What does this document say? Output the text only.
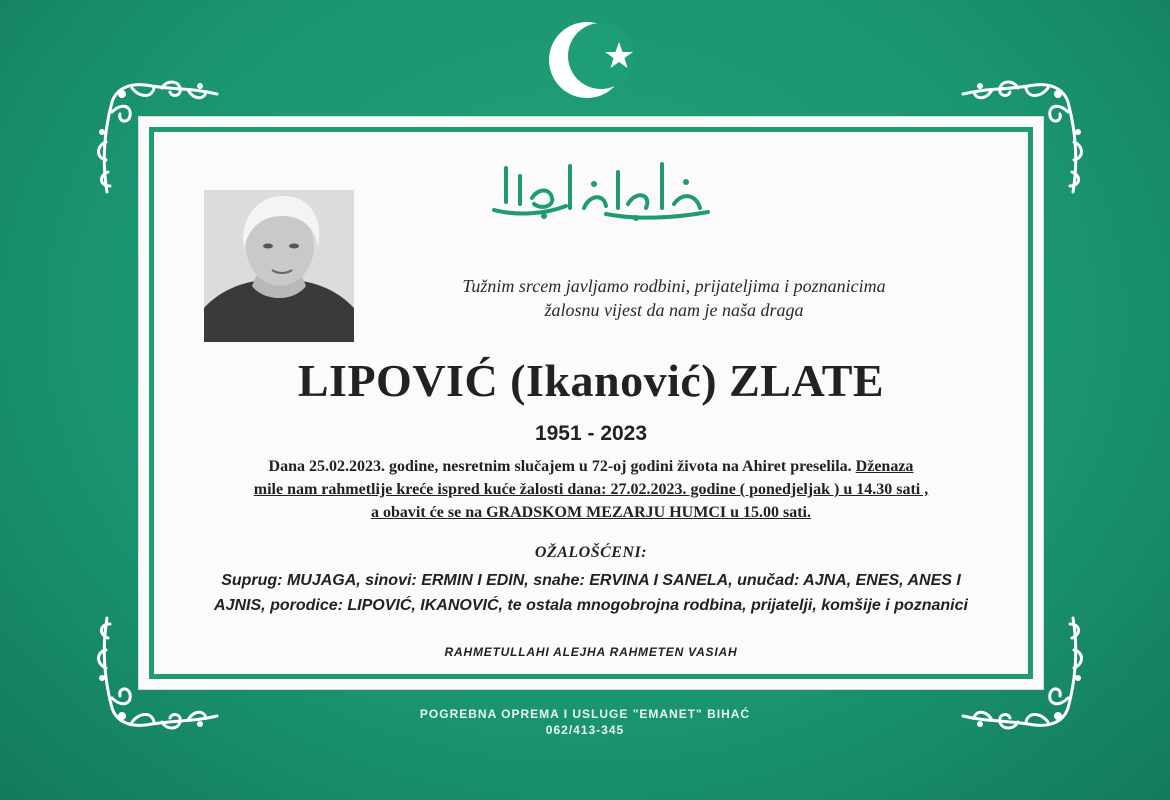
Tužnim srcem javljamo rodbini, prijateljima i poznanicima
žalosnu vijest da nam je naša draga
LIPOVIĆ (Ikanović) ZLATE
1951 - 2023
Dana 25.02.2023. godine, nesretnim slučajem u 72-oj godini života na Ahiret preselila. Dženaza
mile nam rahmetlije kreće ispred kuće žalosti dana: 27.02.2023. godine ( ponedjeljak ) u 14.30 sati ,
a obavit će se na GRADSKOM MEZARJU HUMCI u 15.00 sati.
OŽALOŠĆENI:
Suprug: MUJAGA, sinovi: ERMIN I EDIN, snahe: ERVINA I SANELA, unučad: AJNA, ENES, ANES I
AJNIS, porodice: LIPOVIĆ, IKANOVIĆ, te ostala mnogobrojna rodbina, prijatelji, komšije i poznanici
RAHMETULLAHI ALEJHA RAHMETEN VASIAH
POGREBNA OPREMA I USLUGE "EMANET" BIHAĆ
062/413-345
